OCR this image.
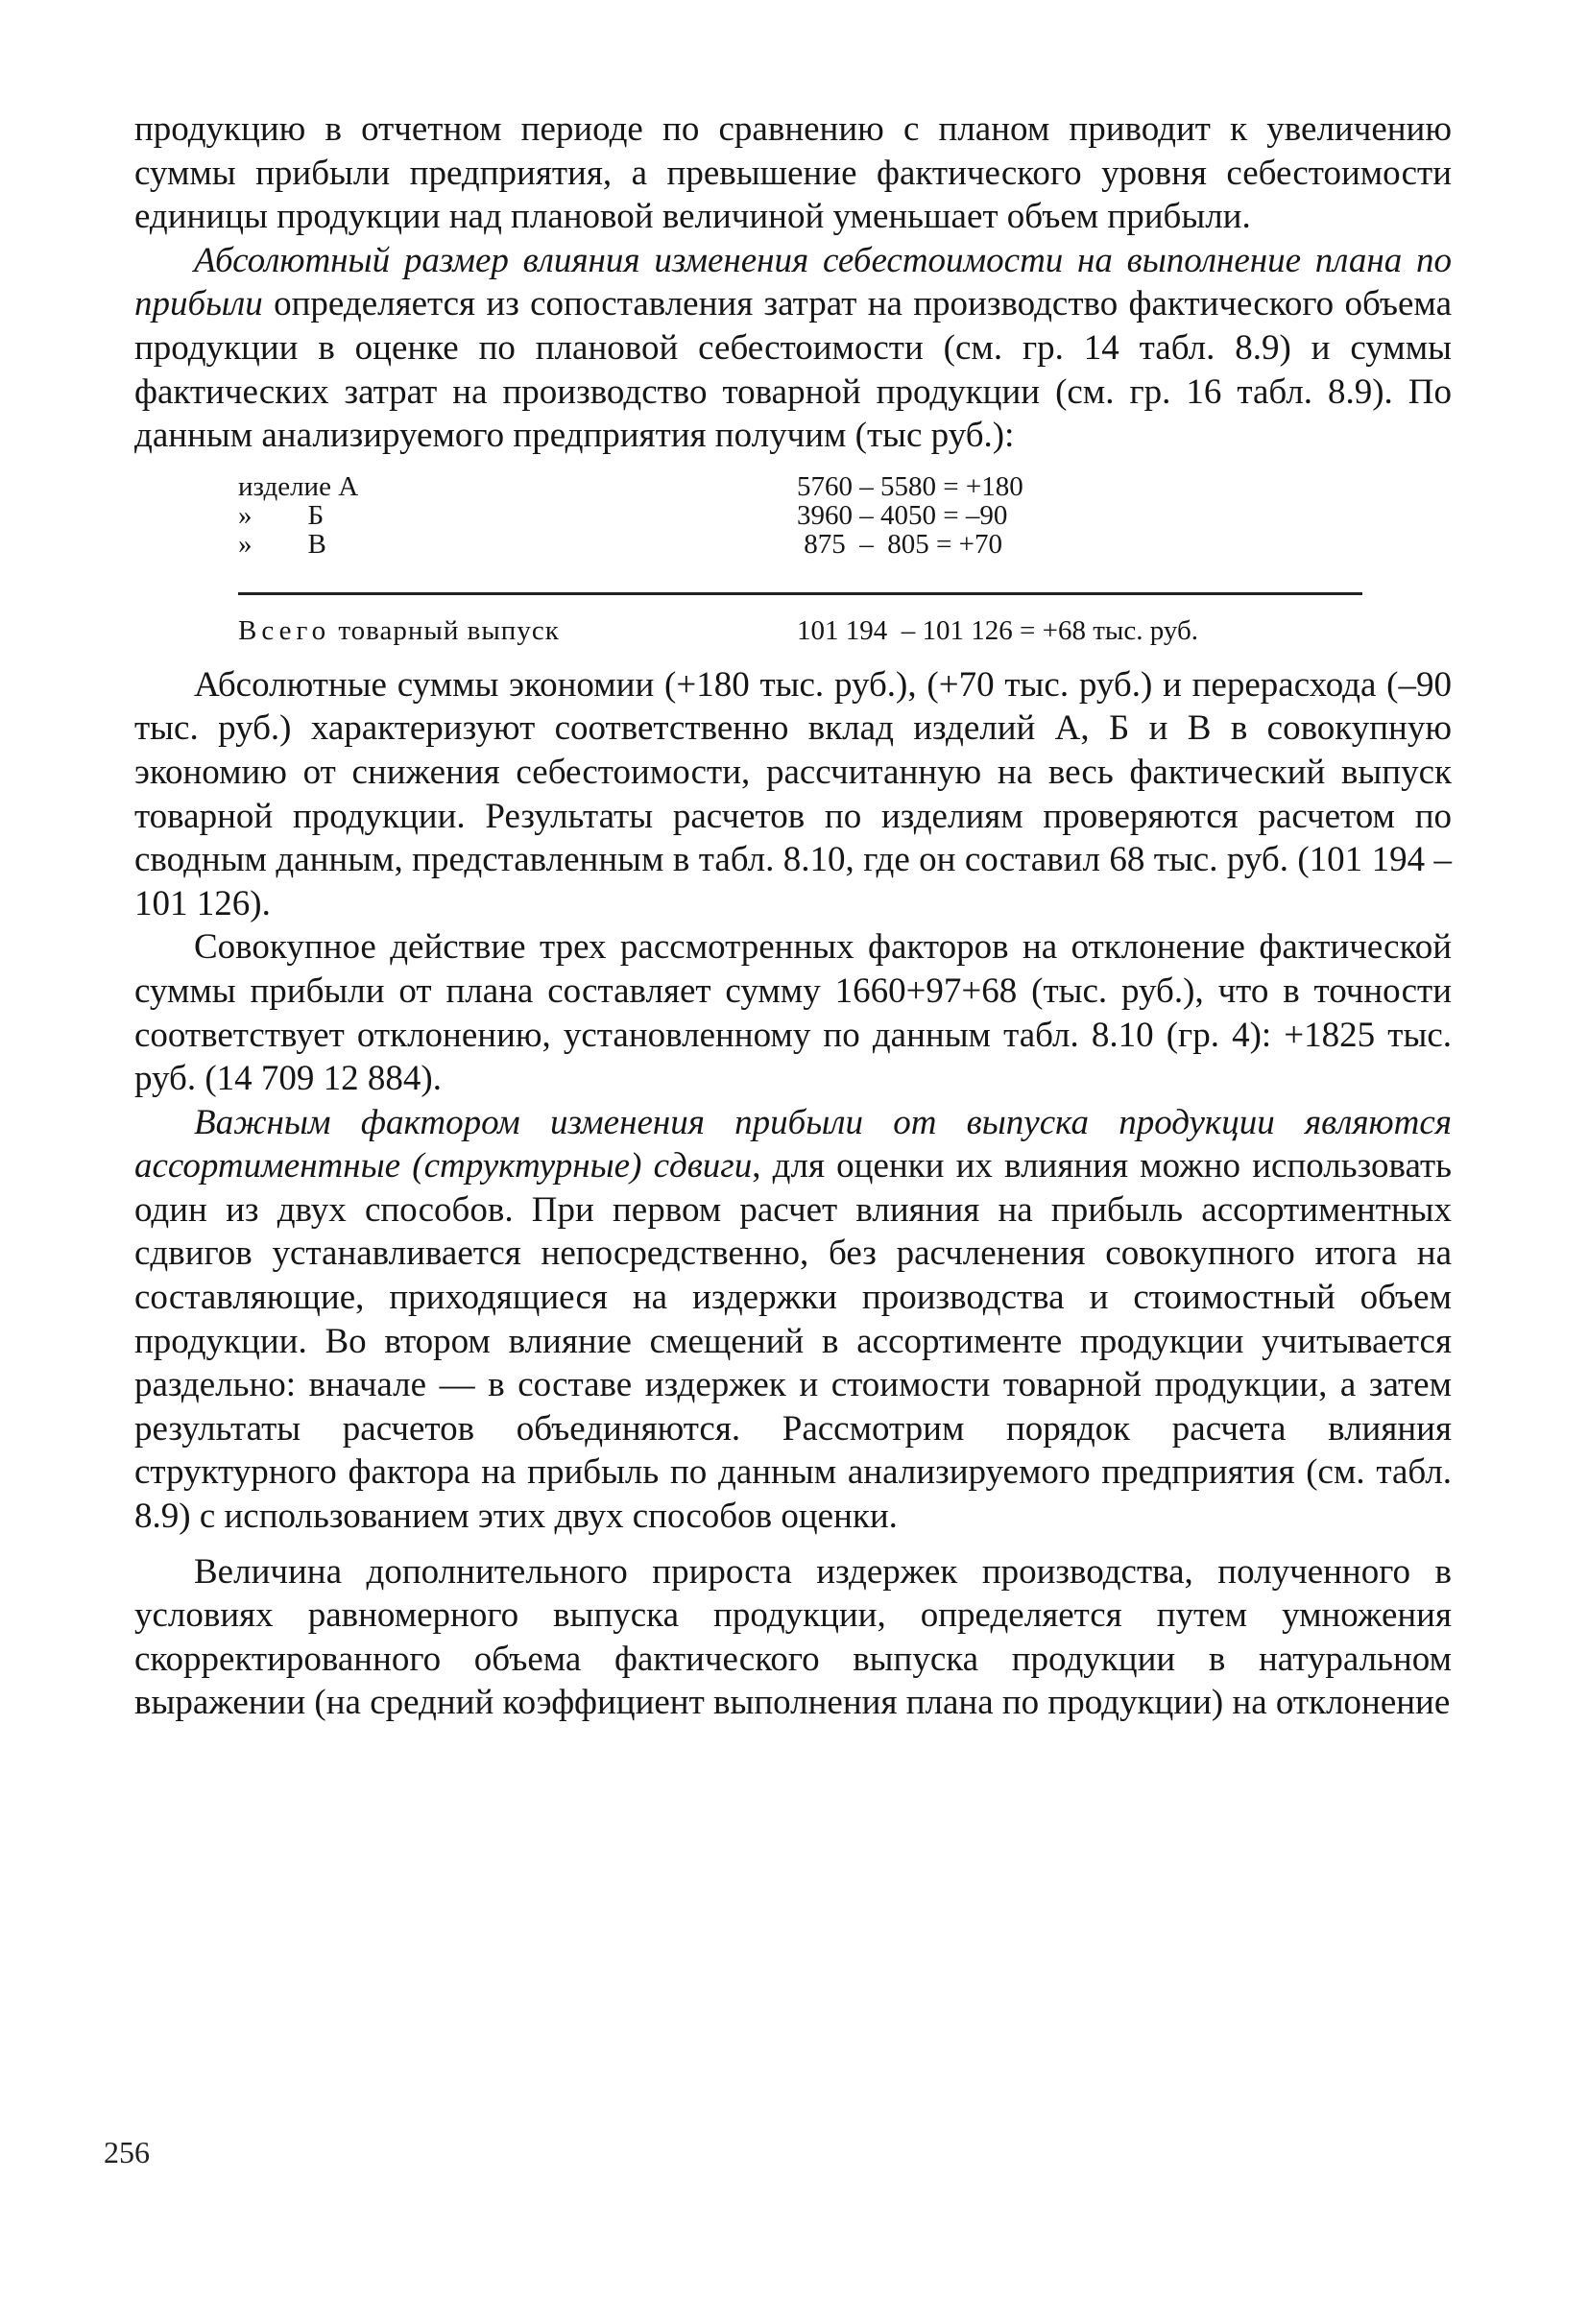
продукцию в отчетном периоде по сравнению с планом приводит к увеличению суммы прибыли предприятия, а превышение фактического уровня себестоимости единицы продукции над плановой величиной уменьшает объем прибыли.

Абсолютный размер влияния изменения себестоимости на выполнение плана по прибыли определяется из сопоставления затрат на производство фактического объема продукции в оценке по плановой себестоимости (см. гр. 14 табл. 8.9) и суммы фактических затрат на производство товарной продукции (см. гр. 16 табл. 8.9). По данным анализируемого предприятия получим (тыс руб.):

изделие А	5760 – 5580 = +180
»        Б	3960 – 4050 = –90
»        В	875  –  805 = +70
Всего товарный выпуск	101 194  – 101 126 = +68 тыс. руб.

Абсолютные суммы экономии (+180 тыс. руб.), (+70 тыс. руб.) и перерасхода (–90 тыс. руб.) характеризуют соответственно вклад изделий А, Б и В в совокупную экономию от снижения себестоимости, рассчитанную на весь фактический выпуск товарной продукции. Результаты расчетов по изделиям проверяются расчетом по сводным данным, представленным в табл. 8.10, где он составил 68 тыс. руб. (101 194 – 101 126).

Совокупное действие трех рассмотренных факторов на отклонение фактической суммы прибыли от плана составляет сумму 1660+97+68 (тыс. руб.), что в точности соответствует отклонению, установленному по данным табл. 8.10 (гр. 4): +1825 тыс. руб. (14 709 12 884).

Важным фактором изменения прибыли от выпуска продукции являются ассортиментные (структурные) сдвиги, для оценки их влияния можно использовать один из двух способов. При первом расчет влияния на прибыль ассортиментных сдвигов устанавливается непосредственно, без расчленения совокупного итога на составляющие, приходящиеся на издержки производства и стоимостный объем продукции. Во втором влияние смещений в ассортименте продукции учитывается раздельно: вначале — в составе издержек и стоимости товарной продукции, а затем результаты расчетов объединяются. Рассмотрим порядок расчета влияния структурного фактора на прибыль по данным анализируемого предприятия (см. табл. 8.9) с использованием этих двух способов оценки.

Величина дополнительного прироста издержек производства, полученного в условиях равномерного выпуска продукции, определяется путем умножения скорректированного объема фактического выпуска продукции в натуральном выражении (на средний коэффициент выполнения плана по продукции) на отклонение

256
